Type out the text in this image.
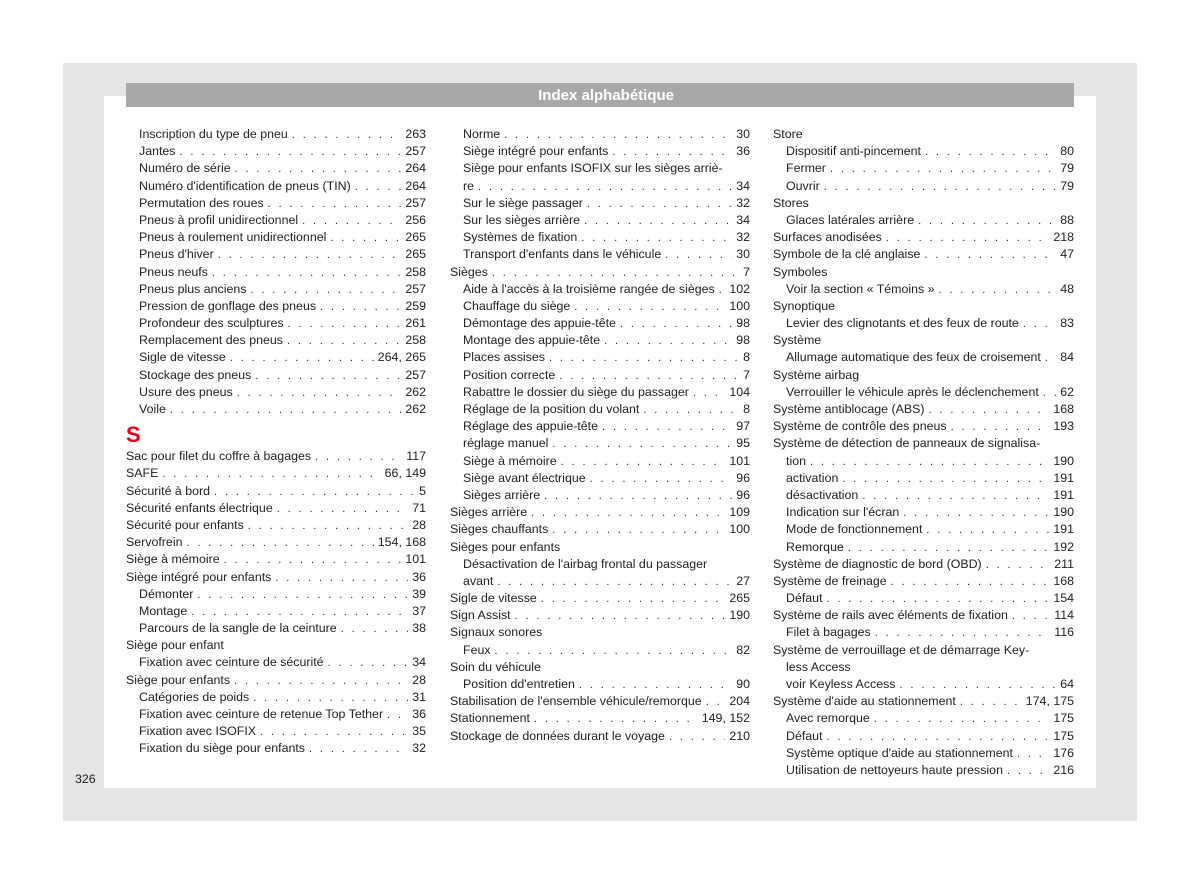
Index alphabétique
Inscription du type de pneu . . .	263
Jantes . . .	257
Numéro de série . . .	264
Numéro d'identification de pneus (TIN) . . .	264
Permutation des roues . . .	257
Pneus à profil unidirectionnel . . .	256
Pneus à roulement unidirectionnel . . .	265
Pneus d'hiver . . .	265
Pneus neufs . . .	258
Pneus plus anciens . . .	257
Pression de gonflage des pneus . . .	259
Profondeur des sculptures . . .	261
Remplacement des pneus . . .	258
Sigle de vitesse . . .	264, 265
Stockage des pneus . . .	257
Usure des pneus . . .	262
Voile . . .	262
S
Sac pour filet du coffre à bagages . . .	117
SAFE . . .	66, 149
Sécurité à bord . . .	5
Sécurité enfants électrique . . .	71
Sécurité pour enfants . . .	28
Servofrein . . .	154, 168
Siège à mémoire . . .	101
Siège intégré pour enfants . . .	36
Démonter . . .	39
Montage . . .	37
Parcours de la sangle de la ceinture . . .	38
Siège pour enfant
Fixation avec ceinture de sécurité . . .	34
Siège pour enfants . . .	28
Catégories de poids . . .	31
Fixation avec ceinture de retenue Top Tether . . . 36
Fixation avec ISOFIX . . .	35
Fixation du siège pour enfants . . .	32
Norme . . .	30
Siège intégré pour enfants . . .	36
Siège pour enfants ISOFIX sur les sièges arriè-
re . . .	34
Sur le siège passager . . .	32
Sur les sièges arrière . . .	34
Systèmes de fixation . . .	32
Transport d'enfants dans le véhicule . . .	30
Sièges . . .	7
Aide à l'accès à la troisième rangée de sièges . . . 102
Chauffage du siège . . .	100
Démontage des appuie-tête . . .	98
Montage des appuie-tête . . .	98
Places assises . . .	8
Position correcte . . .	7
Rabattre le dossier du siège du passager . . .	104
Réglage de la position du volant . . .	8
Réglage des appuie-tête . . .	97
réglage manuel . . .	95
Siège à mémoire . . .	101
Siège avant électrique . . .	96
Sièges arrière . . .	96
Sièges arrière . . .	109
Sièges chauffants . . .	100
Sièges pour enfants
Désactivation de l'airbag frontal du passager
avant . . .	27
Sigle de vitesse . . .	265
Sign Assist . . .	190
Signaux sonores
Feux . . .	82
Soin du véhicule
Position dd'entretien . . .	90
Stabilisation de l'ensemble véhicule/remorque . . . 204
Stationnement . . .	149, 152
Stockage de données durant le voyage . . .	210
Store
Dispositif anti-pincement . . .	80
Fermer . . .	79
Ouvrir . . .	79
Stores
Glaces latérales arrière . . .	88
Surfaces anodisées . . .	218
Symbole de la clé anglaise . . .	47
Symboles
Voir la section « Témoins » . . .	48
Synoptique
Levier des clignotants et des feux de route . . .	83
Système
Allumage automatique des feux de croisement . . . 84
Système airbag
Verrouiller le véhicule après le déclenchement . . . 62
Système antiblocage (ABS) . . .	168
Système de contrôle des pneus . . .	193
Système de détection de panneaux de signalisa-
tion . . .	190
activation . . .	191
désactivation . . .	191
Indication sur l'écran . . .	190
Mode de fonctionnement . . .	191
Remorque . . .	192
Système de diagnostic de bord (OBD) . . .	211
Système de freinage . . .	168
Défaut . . .	154
Système de rails avec éléments de fixation . . .	114
Filet à bagages . . .	116
Système de verrouillage et de démarrage Key-
less Access
voir Keyless Access . . .	64
Système d'aide au stationnement . . .	174, 175
Avec remorque . . .	175
Défaut . . .	175
Système optique d'aide au stationnement . . .	176
Utilisation de nettoyeurs haute pression . . .	216
326
